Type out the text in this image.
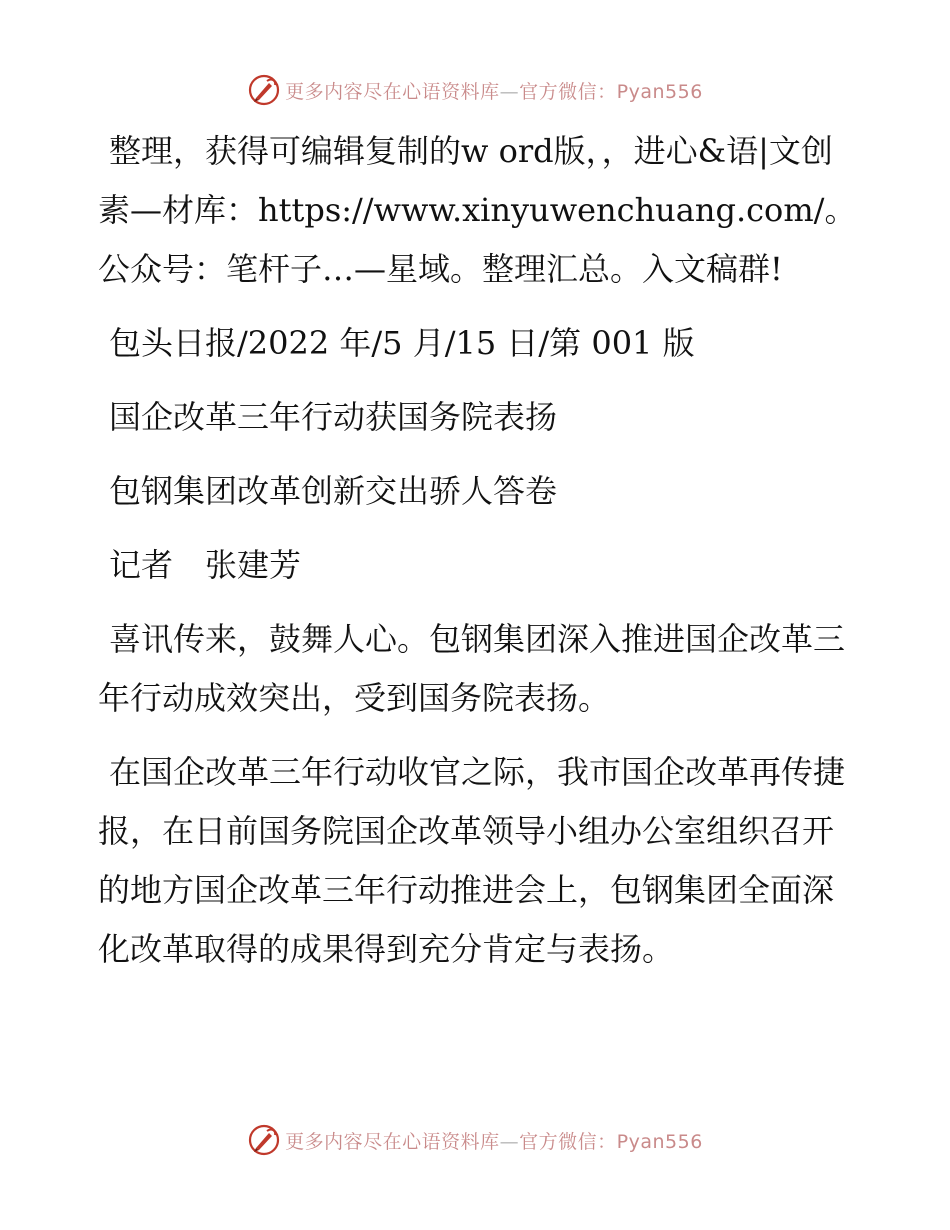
更多内容尽在心语资料库—官方微信：Pyan556

整理，获得可编辑复制的w ord版，，进心&语|文创素—材库：https://www.xinyuwenchuang.com/。公众号：笔杆子…—星域。整理汇总。入文稿群!

包头日报/2022 年/5 月/15 日/第 001 版

国企改革三年行动获国务院表扬

包钢集团改革创新交出骄人答卷

记者　张建芳

喜讯传来，鼓舞人心。包钢集团深入推进国企改革三年行动成效突出，受到国务院表扬。

在国企改革三年行动收官之际，我市国企改革再传捷报，在日前国务院国企改革领导小组办公室组织召开的地方国企改革三年行动推进会上，包钢集团全面深化改革取得的成果得到充分肯定与表扬。

更多内容尽在心语资料库—官方微信：Pyan556
